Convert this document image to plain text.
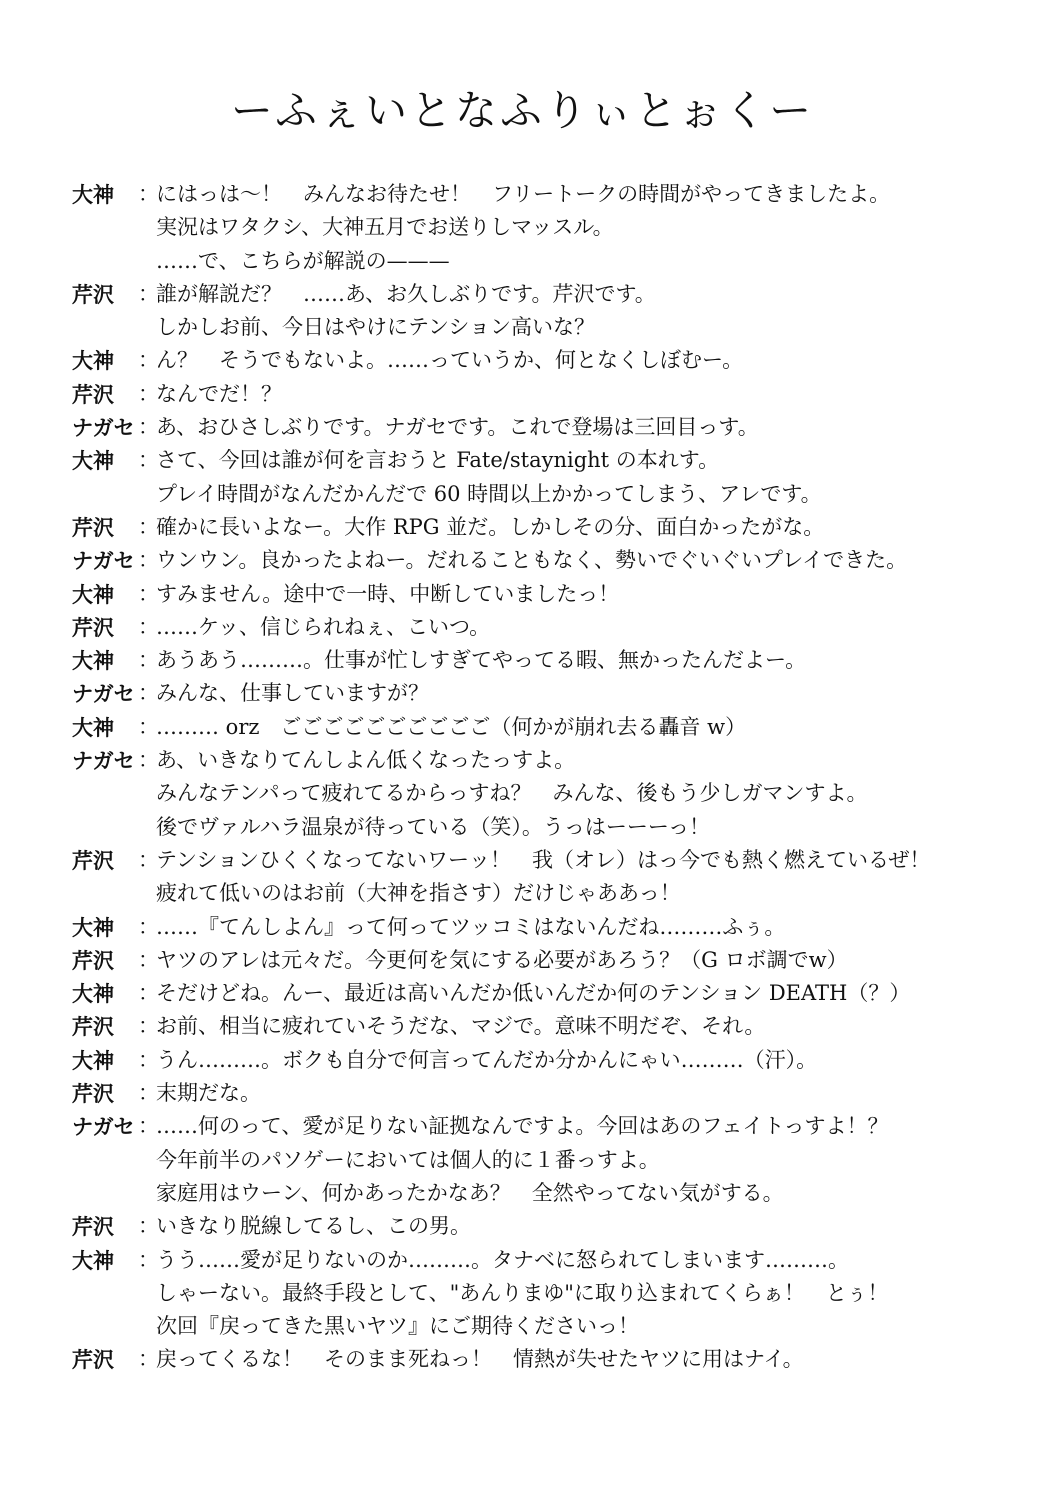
ーふぇいとなふりぃとぉくー
大神 ：
にはっは〜！　みんなお待たせ！　フリートークの時間がやってきましたよ。
実況はワタクシ、大神五月でお送りしマッスル。
……で、こちらが解説の———
芹沢 ：
誰が解説だ？　……あ、お久しぶりです。芹沢です。
しかしお前、今日はやけにテンション高いな？
大神 ：
ん？　そうでもないよ。……っていうか、何となくしぼむー。
芹沢 ：
なんでだ！？
ナガセ ：
あ、おひさしぶりです。ナガセです。これで登場は三回目っす。
大神 ：
さて、今回は誰が何を言おうと Fate/staynight の本れす。
プレイ時間がなんだかんだで 60 時間以上かかってしまう、アレです。
芹沢 ：
確かに長いよなー。大作 RPG 並だ。しかしその分、面白かったがな。
ナガセ ：
ウンウン。良かったよねー。だれることもなく、勢いでぐいぐいプレイできた。
大神 ：
すみません。途中で一時、中断していましたっ！
芹沢 ：
……ケッ、信じられねぇ、こいつ。
大神 ：
あうあう………。仕事が忙しすぎてやってる暇、無かったんだよー。
ナガセ ：
みんな、仕事していますが？
大神 ：
……… orz　ごごごごごごごごごご（何かが崩れ去る轟音 w）
ナガセ ：
あ、いきなりてんしよん低くなったっすよ。
みんなテンパって疲れてるからっすね？　みんな、後もう少しガマンすよ。
後でヴァルハラ温泉が待っている（笑）。うっはーーーっ！
芹沢 ：
テンションひくくなってないワーッ！　我（オレ）はっ今でも熱く燃えているぜ！
疲れて低いのはお前（大神を指さす）だけじゃああっ！
大神 ：
……『てんしよん』って何ってツッコミはないんだね………ふぅ。
芹沢 ：
ヤツのアレは元々だ。今更何を気にする必要があろう？（G ロボ調でw）
大神 ：
そだけどね。んー、最近は高いんだか低いんだか何のテンション DEATH（？）
芹沢 ：
お前、相当に疲れていそうだな、マジで。意味不明だぞ、それ。
大神 ：
うん………。ボクも自分で何言ってんだか分かんにゃい………（汗）。
芹沢 ：
末期だな。
ナガセ ：
……何のって、愛が足りない証拠なんですよ。今回はあのフェイトっすよ！？
今年前半のパソゲーにおいては個人的に１番っすよ。
家庭用はウーン、何かあったかなあ？　全然やってない気がする。
芹沢 ：
いきなり脱線してるし、この男。
大神 ：
うう……愛が足りないのか………。タナベに怒られてしまいます………。
しゃーない。最終手段として、"あんりまゆ"に取り込まれてくらぁ！　とぅ！
次回『戻ってきた黒いヤツ』にご期待くださいっ！
芹沢 ：
戻ってくるな！　そのまま死ねっ！　情熱が失せたヤツに用はナイ。
